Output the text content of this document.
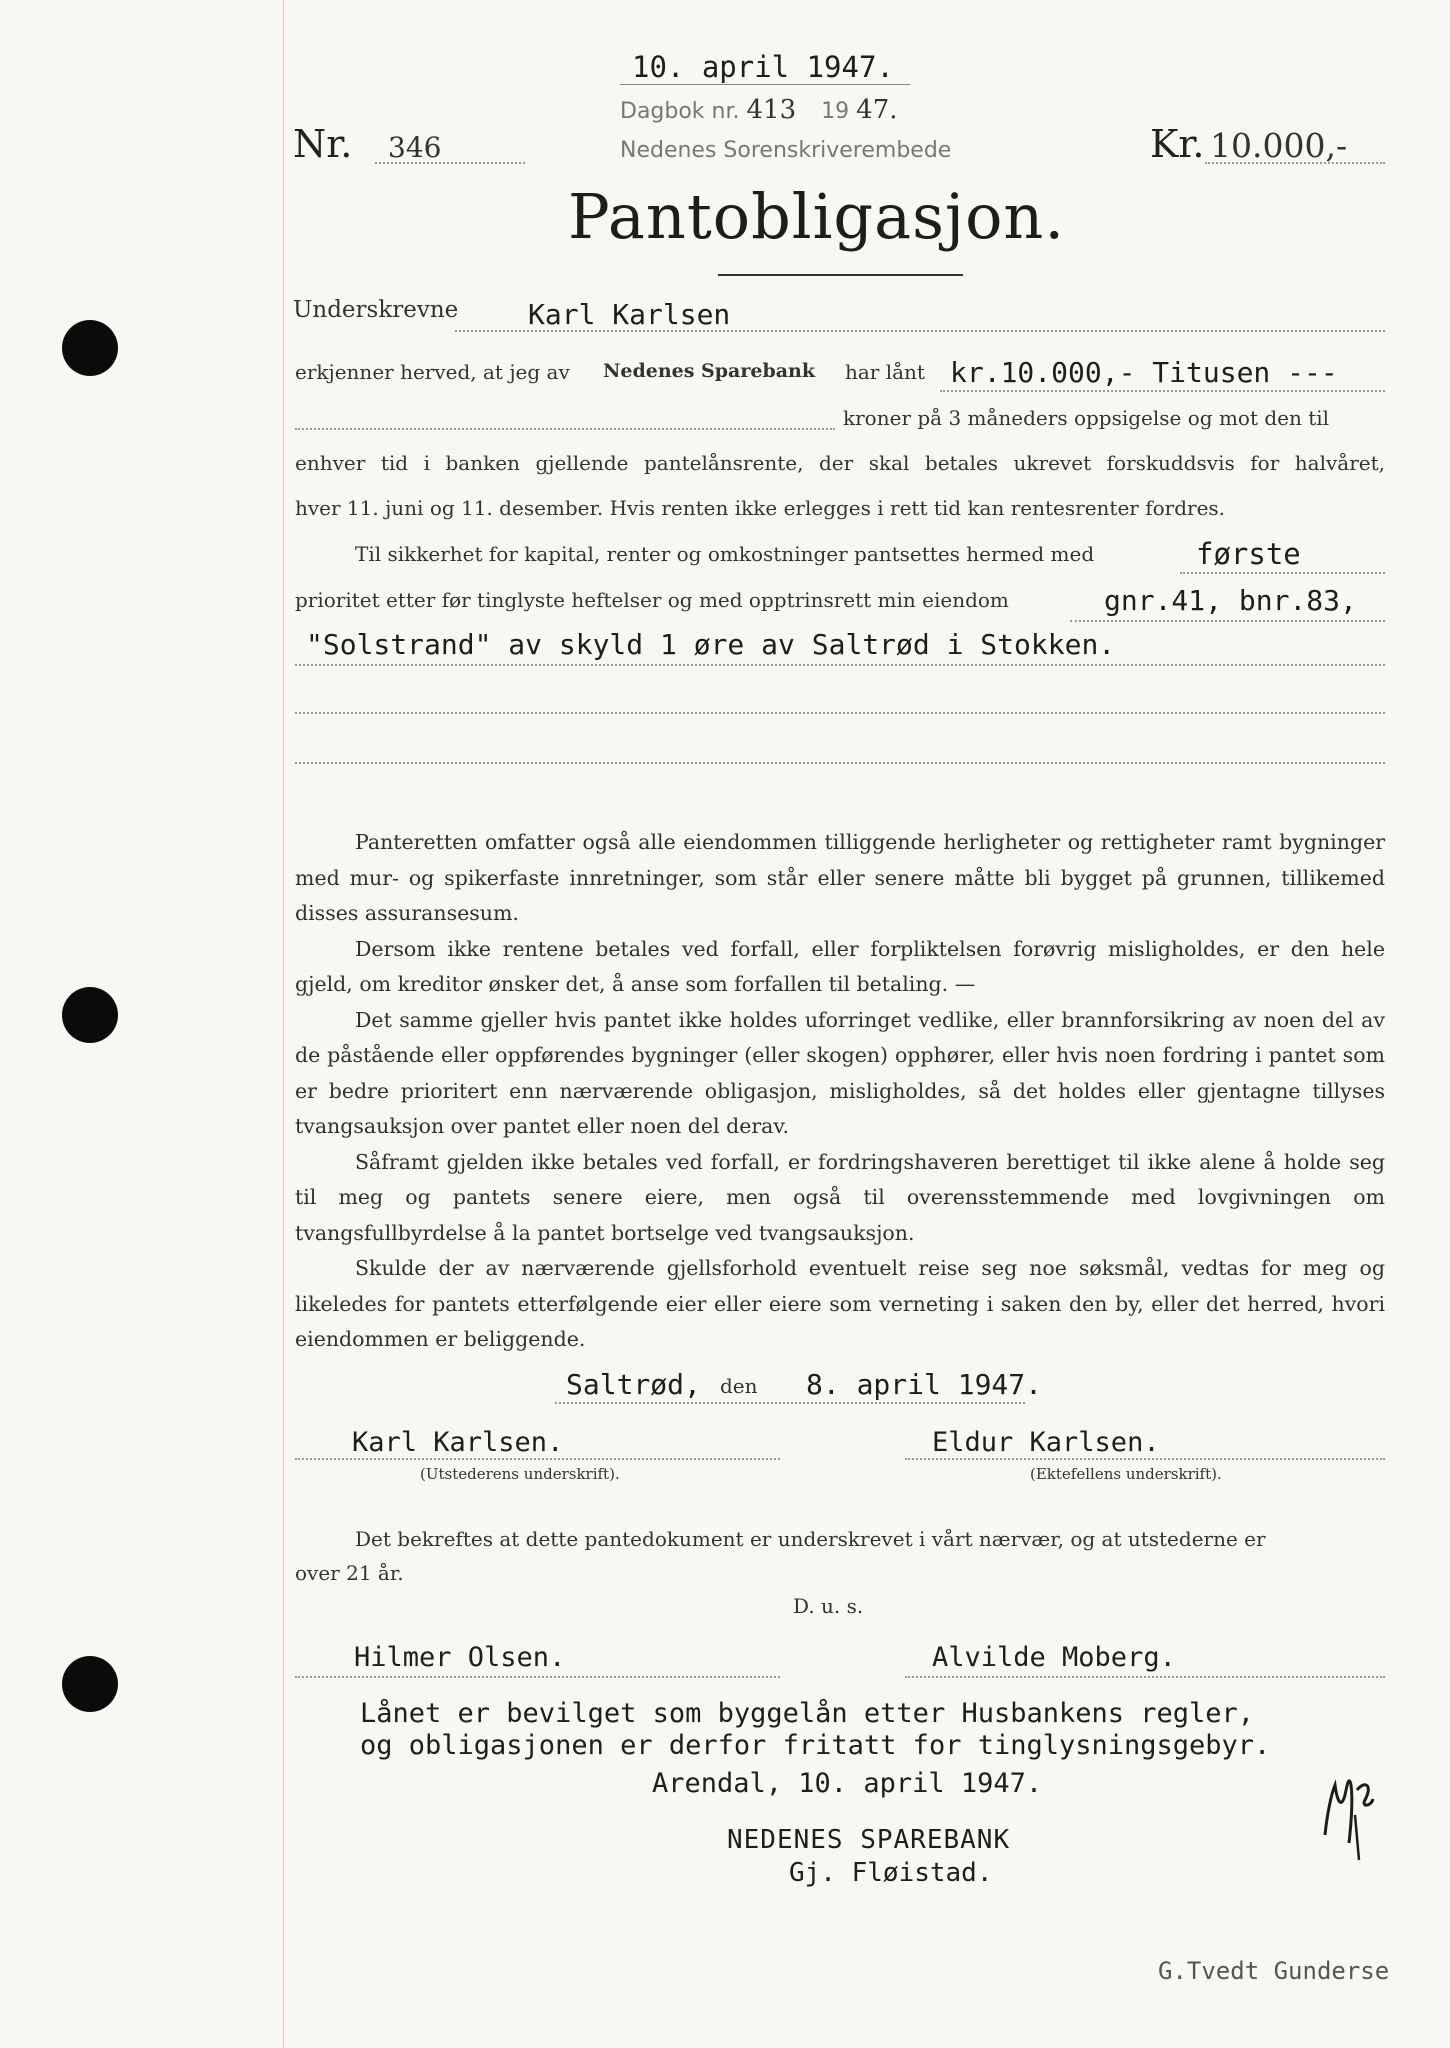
10. april 1947.
Dagbok nr. 413 19 47.
Nedenes Sorenskriverembede
Nr. 346	Kr. 10.000,-
Pantobligasjon.
Underskrevne Karl Karlsen
erkjenner herved, at jeg av Nedenes Sparebank har lånt kr.10.000,- Titusen ---
kroner på 3 måneders oppsigelse og mot den til
enhver tid i banken gjellende pantelånsrente, der skal betales ukrevet forskuddsvis for halvåret,
hver 11. juni og 11. desember. Hvis renten ikke erlegges i rett tid kan rentesrenter fordres.
Til sikkerhet for kapital, renter og omkostninger pantsettes hermed med	første
prioritet etter før tinglyste heftelser og med opptrinsrett min eiendom	gnr.41, bnr.83,
"Solstrand" av skyld 1 øre av Saltrød i Stokken.

Panteretten omfatter også alle eiendommen tilliggende herligheter og rettigheter ramt bygninger med mur- og spikerfaste innretninger, som står eller senere måtte bli bygget på grunnen, tillikemed disses assuransesum.

Dersom ikke rentene betales ved forfall, eller forpliktelsen forøvrig misligholdes, er den hele gjeld, om kreditor ønsker det, å anse som forfallen til betaling. —

Det samme gjeller hvis pantet ikke holdes uforringet vedlike, eller brannforsikring av noen del av de påstående eller oppførendes bygninger (eller skogen) opphører, eller hvis noen fordring i pantet som er bedre prioritert enn nærværende obligasjon, misligholdes, så det holdes eller gjentagne tillyses tvangsauksjon over pantet eller noen del derav.

Såframt gjelden ikke betales ved forfall, er fordringshaveren berettiget til ikke alene å holde seg til meg og pantets senere eiere, men også til overensstemmende med lovgivningen om tvangsfullbyrdelse å la pantet bortselge ved tvangsauksjon.

Skulde der av nærværende gjellsforhold eventuelt reise seg noe søksmål, vedtas for meg og likeledes for pantets etterfølgende eier eller eiere som verneting i saken den by, eller det herred, hvori eiendommen er beliggende.

Saltrød, den 8. april 1947.
Karl Karlsen.
(Utstederens underskrift).
Eldur Karlsen.
(Ektefellens underskrift).
Det bekreftes at dette pantedokument er underskrevet i vårt nærvær, og at utstederne er
over 21 år.
D. u. s.
Hilmer Olsen.	Alvilde Moberg.
Lånet er bevilget som byggelån etter Husbankens regler,
og obligasjonen er derfor fritatt for tinglysningsgebyr.
Arendal, 10. april 1947.
NEDENES SPAREBANK
Gj. Fløistad.
G.Tvedt Gunderse
